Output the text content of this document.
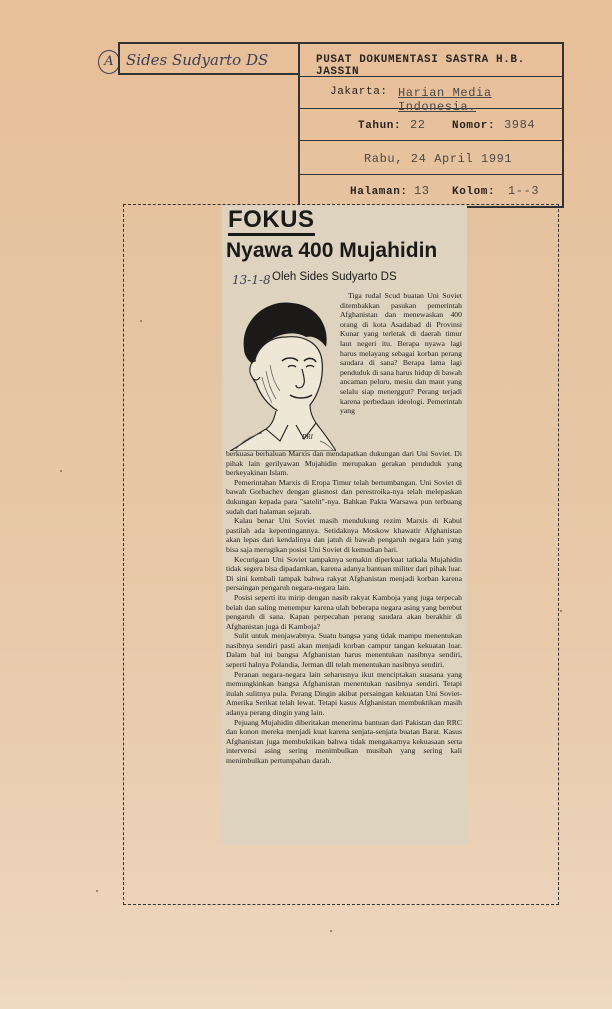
A Sides Sudyarto DS	PUSAT DOKUMENTASI SASTRA H.B. JASSIN
Jakarta: Harian Media Indonesia.
Tahun: 22 Nomor: 3984
Rabu, 24 April 1991
Halaman: 13 Kolom: 1--3
FOKUS
Nyawa 400 Mujahidin
13-1-8 Oleh Sides Sudyarto DS
PRI

Tiga rudal Scud buatan Uni Soviet ditembakkan pasukan pemerintah Afghanistan dan menewaskan 400 orang di kota Asadabad di Provinsi Kunar yang terletak di daerah timur laut negeri itu. Berapa nyawa lagi harus melayang sebagai korban perang saudara di sana? Berapa lama lagi penduduk di sana harus hidup di bawah ancaman peluru, mesiu dan maut yang selalu siap menerggut? Perang terjadi karena perbedaan ideologi. Pemerintah yang

berkuasa berhaluan Marxis dan mendapatkan dukungan dari Uni Soviet. Di pihak lain gerilyawan Mujahidin merupakan gerakan penduduk yang berkeyakinan Islam.

Pemerintahan Marxis di Eropa Timur telah bertumbangan. Uni Soviet di bawah Gorbachev dengan glasnost dan perestroika-nya telah melepaskan dukungan kepada para "satelit"-nya. Bahkan Pakta Warsawa pun terbuang sudah dari halaman sejarah.

Kalau benar Uni Soviet masih mendukung rezim Marxis di Kabul pastilah ada kepentingannya. Setidaknya Moskow khawatir Afghanistan akan lepas dari kendalinya dan jatuh di bawah pengaruh negara lain yang bisa saja merugikan posisi Uni Soviet di kemudian hari.

Kecurigaan Uni Soviet tampaknya semakin diperkuat tatkala Mujahidin tidak segera bisa dipadamkan, karena adanya bantuan militer dari pihak luar. Di sini kembali tampak bahwa rakyat Afghanistan menjadi korban karena persaingan pengaruh negara-negara lain.

Posisi seperti itu mirip dengan nasib rakyat Kamboja yang juga terpecah belah dan saling menempur karena ulah beberapa negara asing yang berebut pengaruh di sana. Kapan perpecahan perang saudara akan berakhir di Afghanistan juga di Kamboja?

Sulit untuk menjawabnya. Suatu bangsa yang tidak mampu menentukan nasibnya sendiri pasti akan menjadi korban campur tangan kekuatan luar. Dalam hal ini bangsa Afghanistan harus menentukan nasibnya sendiri, seperti halnya Polandia, Jerman dll telah menentukan nasibnya sendiri.

Peranan negara-negara lain seharusnya ikut menciptakan suasana yang memungkinkan bangsa Afghanistan menentukan nasibnya sendiri. Tetapi itulah sulitnya pula. Perang Dingin akibat persaingan kekuatan Uni Soviet-Amerika Serikat telah lewat. Tetapi kasus Afghanistan membuktikan masih adanya perang dingin yang lain.

Pejuang Mujahidin diberitakan menerima bantuan dari Pakistan dan RRC dan konon mereka menjadi kuat karena senjata-senjata buatan Barat. Kasus Afghanistan juga membuktikan bahwa tidak mengakarnya kekuasaan serta intervensi asing sering menimbulkan musibah yang sering kali menimbulkan pertumpahan darah.
